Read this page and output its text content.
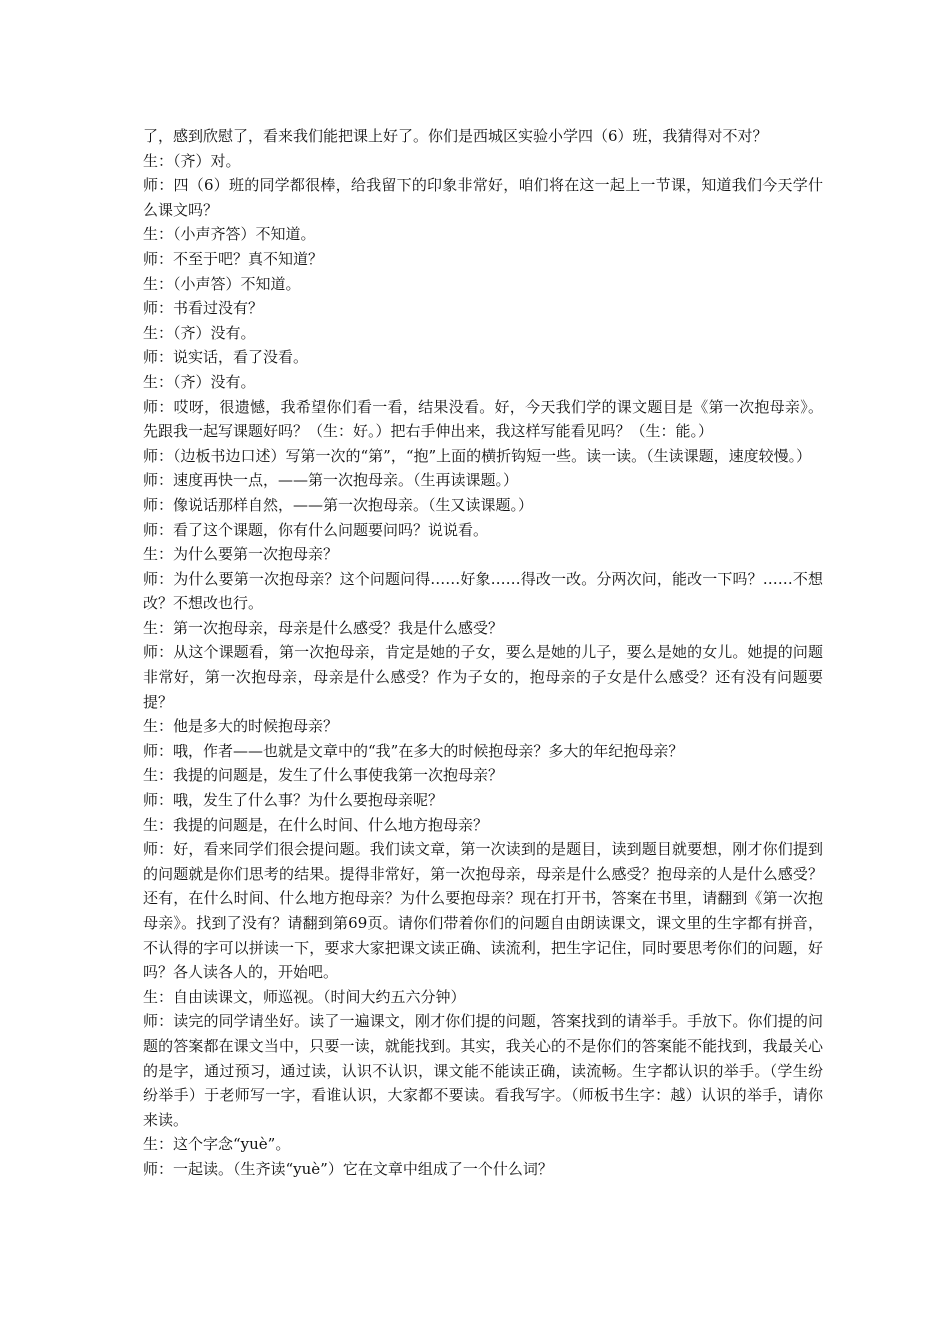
了，感到欣慰了，看来我们能把课上好了。你们是西城区实验小学四（6）班，我猜得对不对？

生：（齐）对。

师：四（6）班的同学都很棒，给我留下的印象非常好，咱们将在这一起上一节课，知道我们今天学什么课文吗？

生：（小声齐答）不知道。

师：不至于吧？真不知道？

生：（小声答）不知道。

师：书看过没有？

生：（齐）没有。

师：说实话，看了没看。

生：（齐）没有。

师：哎呀，很遗憾，我希望你们看一看，结果没看。好，今天我们学的课文题目是《第一次抱母亲》。先跟我一起写课题好吗？（生：好。）把右手伸出来，我这样写能看见吗？（生：能。）

师：（边板书边口述）写第一次的“第”，“抱”上面的横折钩短一些。读一读。（生读课题，速度较慢。）

师：速度再快一点，——第一次抱母亲。（生再读课题。）

师：像说话那样自然，——第一次抱母亲。（生又读课题。）

师：看了这个课题，你有什么问题要问吗？说说看。

生：为什么要第一次抱母亲？

师：为什么要第一次抱母亲？这个问题问得……好象……得改一改。分两次问，能改一下吗？……不想改？不想改也行。

生：第一次抱母亲，母亲是什么感受？我是什么感受？

师：从这个课题看，第一次抱母亲，肯定是她的子女，要么是她的儿子，要么是她的女儿。她提的问题非常好，第一次抱母亲，母亲是什么感受？作为子女的，抱母亲的子女是什么感受？还有没有问题要提？

生：他是多大的时候抱母亲？

师：哦，作者——也就是文章中的“我”在多大的时候抱母亲？多大的年纪抱母亲？

生：我提的问题是，发生了什么事使我第一次抱母亲？

师：哦，发生了什么事？为什么要抱母亲呢？

生：我提的问题是，在什么时间、什么地方抱母亲？

师：好，看来同学们很会提问题。我们读文章，第一次读到的是题目，读到题目就要想，刚才你们提到的问题就是你们思考的结果。提得非常好，第一次抱母亲，母亲是什么感受？抱母亲的人是什么感受？还有，在什么时间、什么地方抱母亲？为什么要抱母亲？现在打开书，答案在书里，请翻到《第一次抱母亲》。找到了没有？请翻到第69页。请你们带着你们的问题自由朗读课文，课文里的生字都有拼音，不认得的字可以拼读一下，要求大家把课文读正确、读流利，把生字记住，同时要思考你们的问题，好吗？各人读各人的，开始吧。

生：自由读课文，师巡视。（时间大约五六分钟）

师：读完的同学请坐好。读了一遍课文，刚才你们提的问题，答案找到的请举手。手放下。你们提的问题的答案都在课文当中，只要一读，就能找到。其实，我关心的不是你们的答案能不能找到，我最关心的是字，通过预习，通过读，认识不认识，课文能不能读正确，读流畅。生字都认识的举手。（学生纷纷举手）于老师写一字，看谁认识，大家都不要读。看我写字。（师板书生字：越）认识的举手，请你来读。

生：这个字念“yuè”。

师：一起读。（生齐读“yuè”）它在文章中组成了一个什么词？
